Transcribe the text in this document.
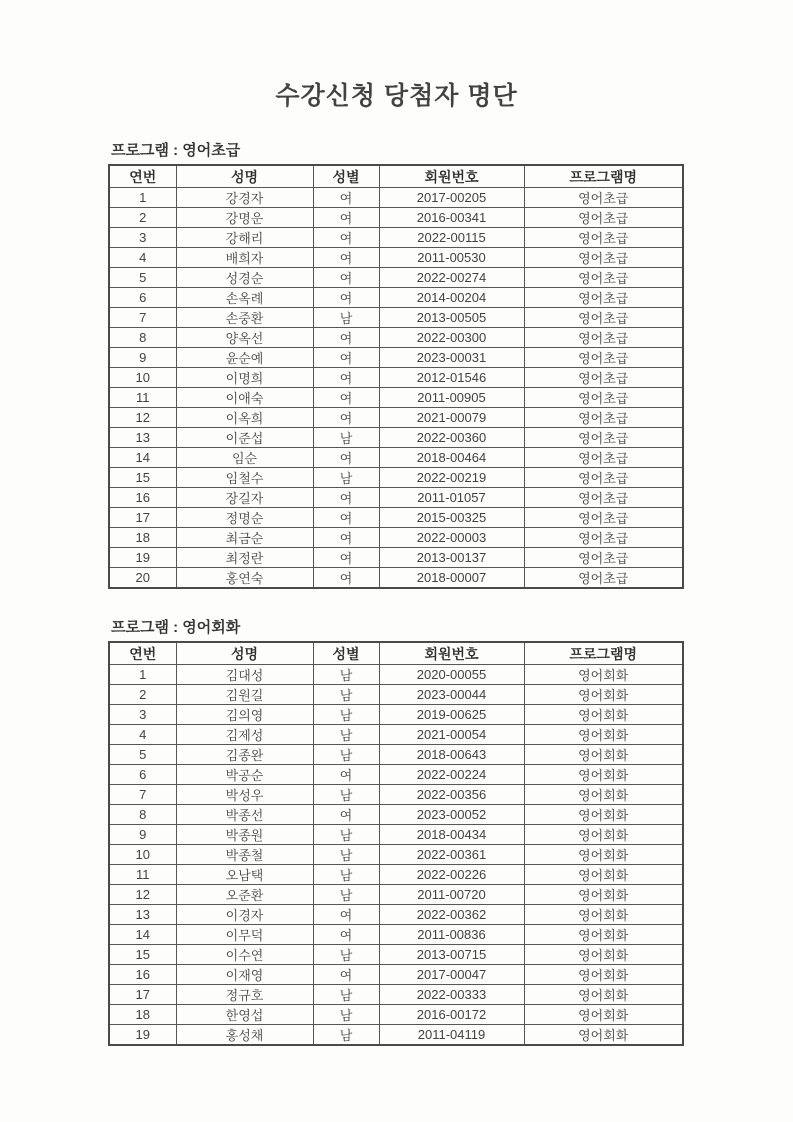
수강신청 당첨자 명단
프로그램 : 영어초급
연번	성명	성별	회원번호	프로그램명
1	강경자	여	2017-00205	영어초급
2	강명운	여	2016-00341	영어초급
3	강해리	여	2022-00115	영어초급
4	배희자	여	2011-00530	영어초급
5	성경순	여	2022-00274	영어초급
6	손옥례	여	2014-00204	영어초급
7	손중환	남	2013-00505	영어초급
8	양옥선	여	2022-00300	영어초급
9	윤순예	여	2023-00031	영어초급
10	이명희	여	2012-01546	영어초급
11	이애숙	여	2011-00905	영어초급
12	이옥희	여	2021-00079	영어초급
13	이준섭	남	2022-00360	영어초급
14	임순	여	2018-00464	영어초급
15	임철수	남	2022-00219	영어초급
16	장길자	여	2011-01057	영어초급
17	정명순	여	2015-00325	영어초급
18	최금순	여	2022-00003	영어초급
19	최정란	여	2013-00137	영어초급
20	홍연숙	여	2018-00007	영어초급
프로그램 : 영어회화
연번	성명	성별	회원번호	프로그램명
1	김대성	남	2020-00055	영어회화
2	김원길	남	2023-00044	영어회화
3	김의영	남	2019-00625	영어회화
4	김제성	남	2021-00054	영어회화
5	김종완	남	2018-00643	영어회화
6	박공순	여	2022-00224	영어회화
7	박성우	남	2022-00356	영어회화
8	박종선	여	2023-00052	영어회화
9	박종원	남	2018-00434	영어회화
10	박종철	남	2022-00361	영어회화
11	오남택	남	2022-00226	영어회화
12	오준환	남	2011-00720	영어회화
13	이경자	여	2022-00362	영어회화
14	이무덕	여	2011-00836	영어회화
15	이수연	남	2013-00715	영어회화
16	이재영	여	2017-00047	영어회화
17	정규호	남	2022-00333	영어회화
18	한영섭	남	2016-00172	영어회화
19	홍성채	남	2011-04119	영어회화
